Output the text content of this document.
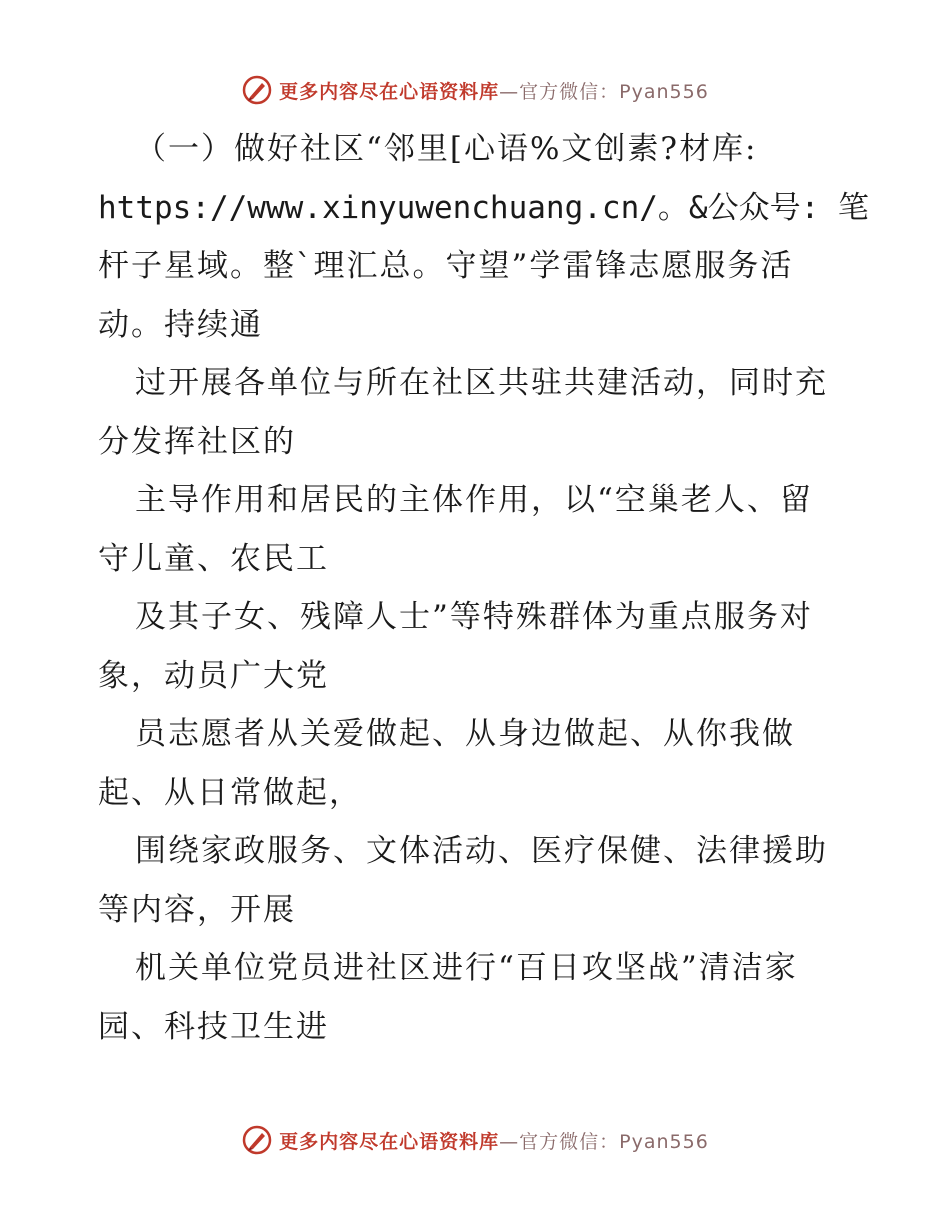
更多内容尽在心语资料库—官方微信：Pyan556
（一）做好社区“邻里[心语%文创素?材库:
https://www.xinyuwenchuang.cn/。&公众号: 笔
杆子星域。整`理汇总。守望”学雷锋志愿服务活
动。持续通
过开展各单位与所在社区共驻共建活动，同时充
分发挥社区的
主导作用和居民的主体作用，以“空巢老人、留
守儿童、农民工
及其子女、残障人士”等特殊群体为重点服务对
象，动员广大党
员志愿者从关爱做起、从身边做起、从你我做
起、从日常做起，
围绕家政服务、文体活动、医疗保健、法律援助
等内容，开展
机关单位党员进社区进行“百日攻坚战”清洁家
园、科技卫生进
更多内容尽在心语资料库—官方微信：Pyan556
